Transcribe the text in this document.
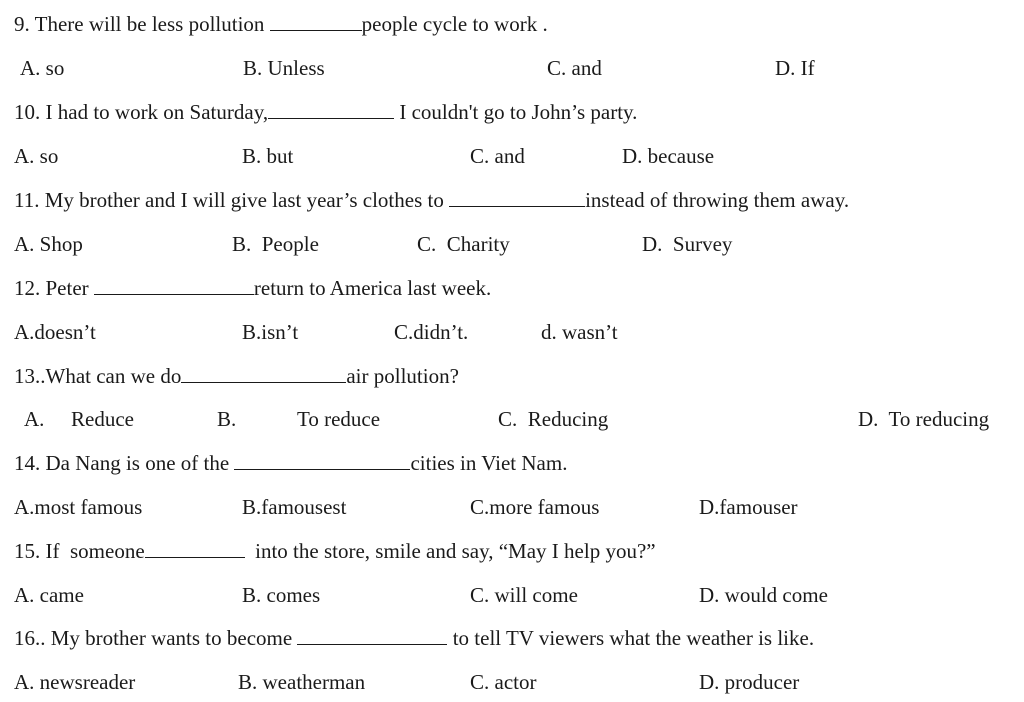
9. There will be less pollution	people cycle to work .
A. so	B. Unless	C. and	D. If
10. I had to work on Saturday,	I couldn't go to John’s party.
A. so	B. but	C. and	D. because
11. My brother and I will give last year’s clothes to	instead of throwing them away.
A. Shop	B.  People	C.  Charity	D.  Survey
12. Peter	return to America last week.
A.doesn’t	B.isn’t	C.didn’t.	d. wasn’t
13..What can we do	air pollution?
A. Reduce	B.	To reduce	C.  Reducing	D.  To reducing
14. Da Nang is one of the	cities in Viet Nam.
A.most famous	B.famousest	C.more famous	D.famouser
15. If  someone	into the store, smile and say, “May I help you?”
A. came	B. comes	C. will come	D. would come
16.. My brother wants to become	to tell TV viewers what the weather is like.
A. newsreader	B. weatherman	C. actor	D. producer
